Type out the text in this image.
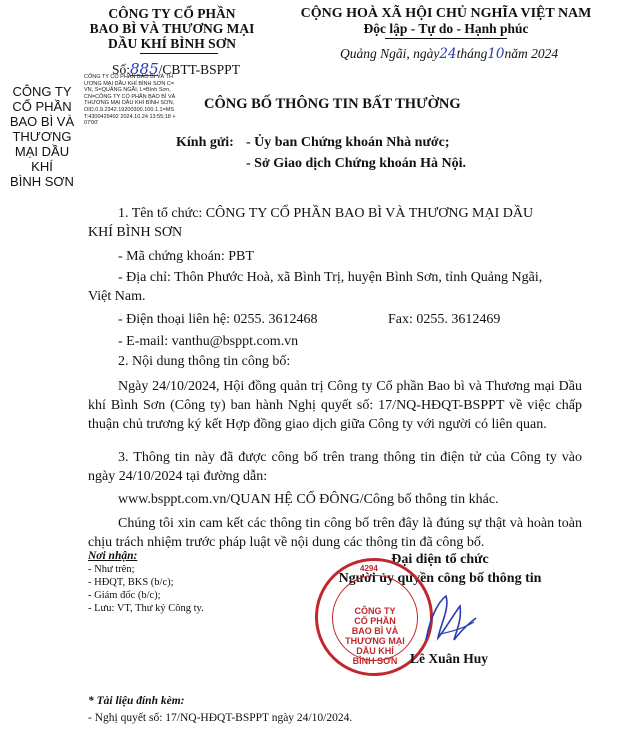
CÔNG TY CỔ PHẦN
BAO BÌ VÀ THƯƠNG MẠI
DẦU KHÍ BÌNH SƠN
Số:885/CBTT-BSPPT
CỘNG HOÀ XÃ HỘI CHỦ NGHĨA VIỆT NAM
Độc lập - Tự do - Hạnh phúc
Quảng Ngãi, ngày24tháng10năm 2024
CÔNG TY
CỔ PHẦN
BAO BÌ VÀ
THƯƠNG
MẠI DẦU KHÍ
BÌNH SƠN
CÔNG TY CỔ PHẦN BAO BÌ VÀ THƯƠNG MẠI DẦU KHÍ BÌNH SƠN C=VN, S=QUẢNG NGÃI, L=Bình Sơn, CN=CÔNG TY CỔ PHẦN BAO BÌ VÀ THƯƠNG MẠI DẦU KHÍ BÌNH SƠN, OID.0.9.2342.19200300.100.1.1=MST:4300429492 2024.10.24 13:55:18 +07'00'
CÔNG BỐ THÔNG TIN BẤT THƯỜNG
Kính gửi: - Ủy ban Chứng khoán Nhà nước;
- Sở Giao dịch Chứng khoán Hà Nội.
1. Tên tổ chức: CÔNG TY CỔ PHẦN BAO BÌ VÀ THƯƠNG MẠI DẦU
KHÍ BÌNH SƠN
- Mã chứng khoán: PBT
- Địa chỉ: Thôn Phước Hoà, xã Bình Trị, huyện Bình Sơn, tỉnh Quảng Ngãi,
Việt Nam.
- Điện thoại liên hệ: 0255. 3612468	Fax: 0255. 3612469
- E-mail: vanthu@bsppt.com.vn
2. Nội dung thông tin công bố:
Ngày 24/10/2024, Hội đồng quản trị Công ty Cổ phần Bao bì và Thương mại Dầu khí Bình Sơn (Công ty) ban hành Nghị quyết số: 17/NQ-HĐQT-BSPPT về việc chấp thuận chủ trương ký kết Hợp đồng giao dịch giữa Công ty với người có liên quan.
3. Thông tin này đã được công bố trên trang thông tin điện tử của Công ty vào ngày 24/10/2024 tại đường dẫn:
www.bsppt.com.vn/QUAN HỆ CỔ ĐÔNG/Công bố thông tin khác.
Chúng tôi xin cam kết các thông tin công bố trên đây là đúng sự thật và hoàn toàn chịu trách nhiệm trước pháp luật về nội dung các thông tin đã công bố.
Nơi nhận:
- Như trên;
- HĐQT, BKS (b/c);
- Giám đốc (b/c);
- Lưu: VT, Thư ký Công ty.
Đại diện tổ chức
Người ủy quyền công bố thông tin
CÔNG TY
CỔ PHẦN
BAO BÌ VÀ
THƯƠNG MẠI
DẦU KHÍ
BÌNH SƠN
4294
Lê Xuân Huy
* Tài liệu đính kèm:
- Nghị quyết số: 17/NQ-HĐQT-BSPPT ngày 24/10/2024.
